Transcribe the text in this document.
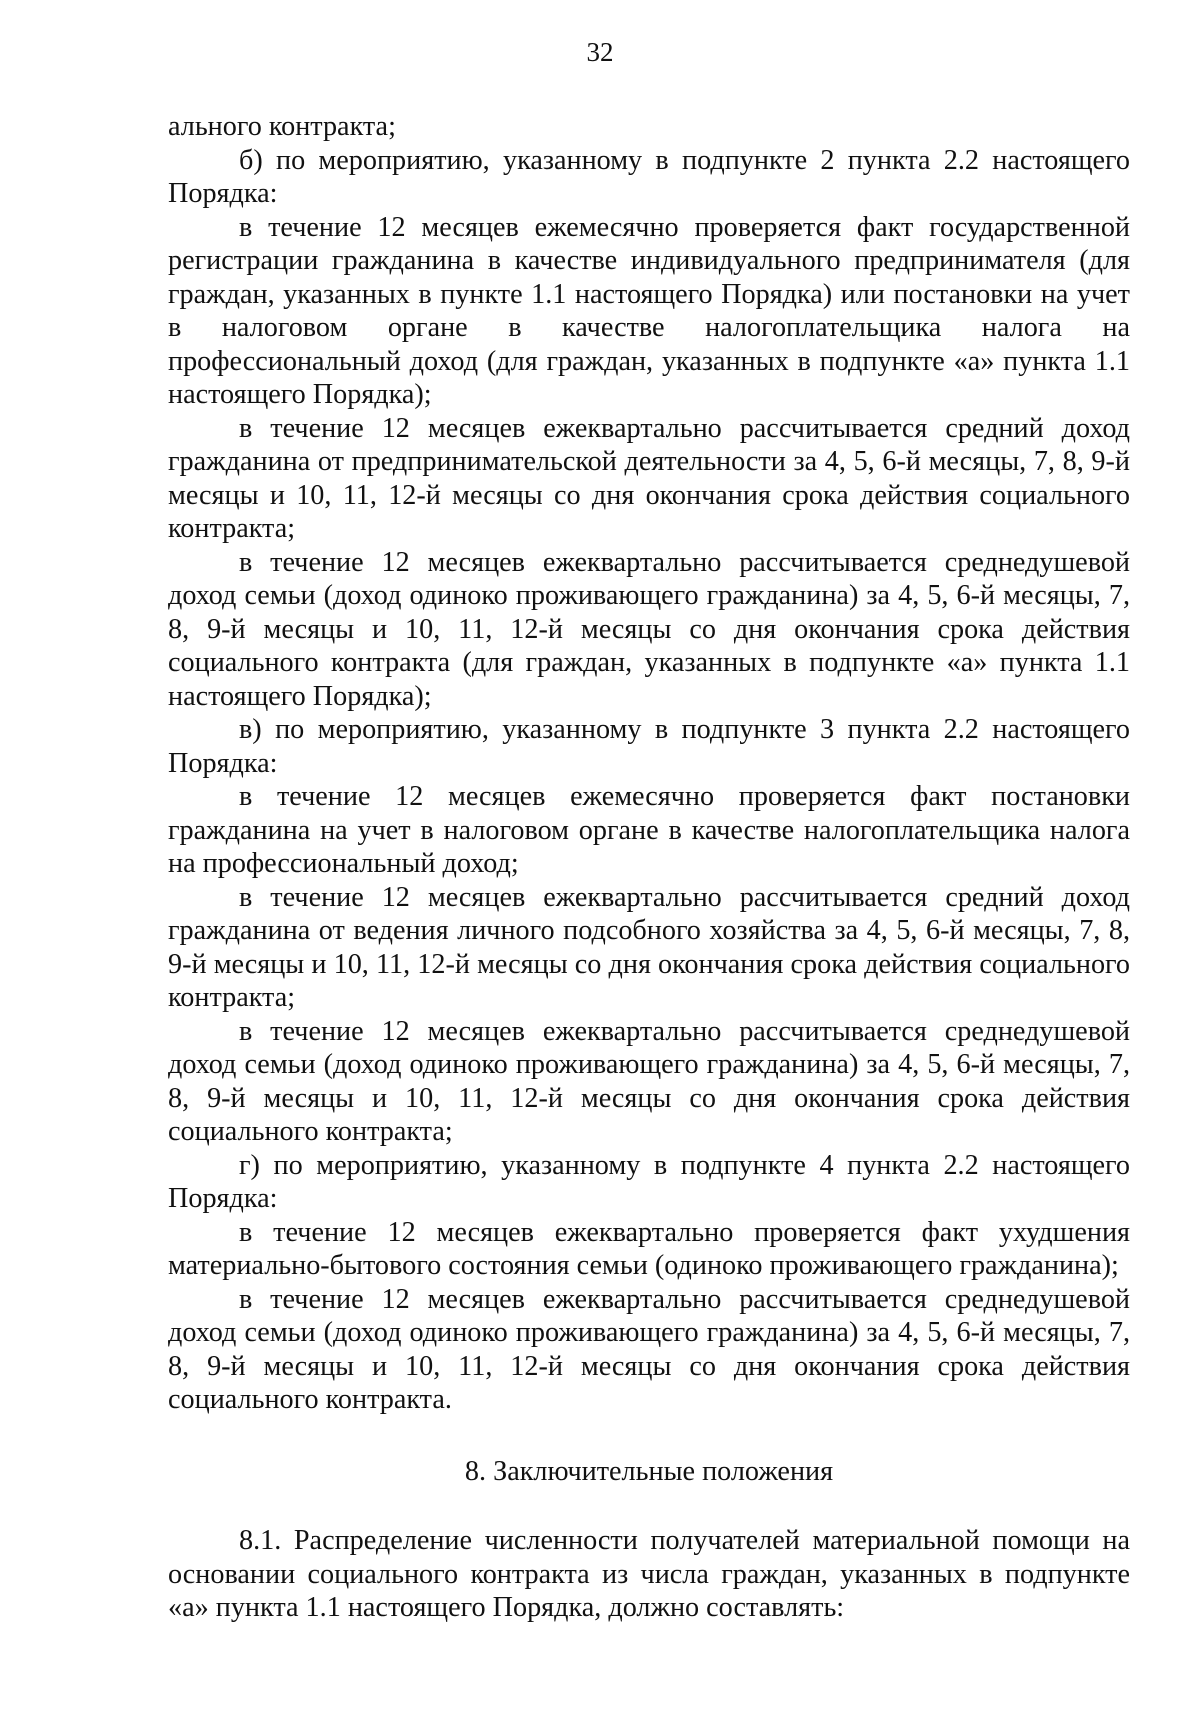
32

ального контракта;

б) по мероприятию, указанному в подпункте 2 пункта 2.2 настоящего Порядка:

в течение 12 месяцев ежемесячно проверяется факт государственной регистрации гражданина в качестве индивидуального предпринимателя (для граждан, указанных в пункте 1.1 настоящего Порядка) или постановки на учет в налоговом органе в качестве налогоплательщика налога на профессиональный доход (для граждан, указанных в подпункте «а» пункта 1.1 настоящего Порядка);

в течение 12 месяцев ежеквартально рассчитывается средний доход гражданина от предпринимательской деятельности за 4, 5, 6-й месяцы, 7, 8, 9-й месяцы и 10, 11, 12-й месяцы со дня окончания срока действия социального контракта;

в течение 12 месяцев ежеквартально рассчитывается среднедушевой доход семьи (доход одиноко проживающего гражданина) за 4, 5, 6-й месяцы, 7, 8, 9-й месяцы и 10, 11, 12-й месяцы со дня окончания срока действия социального контракта (для граждан, указанных в подпункте «а» пункта 1.1 настоящего Порядка);

в) по мероприятию, указанному в подпункте 3 пункта 2.2 настоящего Порядка:

в течение 12 месяцев ежемесячно проверяется факт постановки гражданина на учет в налоговом органе в качестве налогоплательщика налога на профессиональный доход;

в течение 12 месяцев ежеквартально рассчитывается средний доход гражданина от ведения личного подсобного хозяйства за 4, 5, 6-й месяцы, 7, 8, 9-й месяцы и 10, 11, 12-й месяцы со дня окончания срока действия социального контракта;

в течение 12 месяцев ежеквартально рассчитывается среднедушевой доход семьи (доход одиноко проживающего гражданина) за 4, 5, 6-й месяцы, 7, 8, 9-й месяцы и 10, 11, 12-й месяцы со дня окончания срока действия социального контракта;

г) по мероприятию, указанному в подпункте 4 пункта 2.2 настоящего Порядка:

в течение 12 месяцев ежеквартально проверяется факт ухудшения материально-бытового состояния семьи (одиноко проживающего гражданина);

в течение 12 месяцев ежеквартально рассчитывается среднедушевой доход семьи (доход одиноко проживающего гражданина) за 4, 5, 6-й месяцы, 7, 8, 9-й месяцы и 10, 11, 12-й месяцы со дня окончания срока действия социального контракта.

8. Заключительные положения

8.1. Распределение численности получателей материальной помощи на основании социального контракта из числа граждан, указанных в подпункте «а» пункта 1.1 настоящего Порядка, должно составлять:
